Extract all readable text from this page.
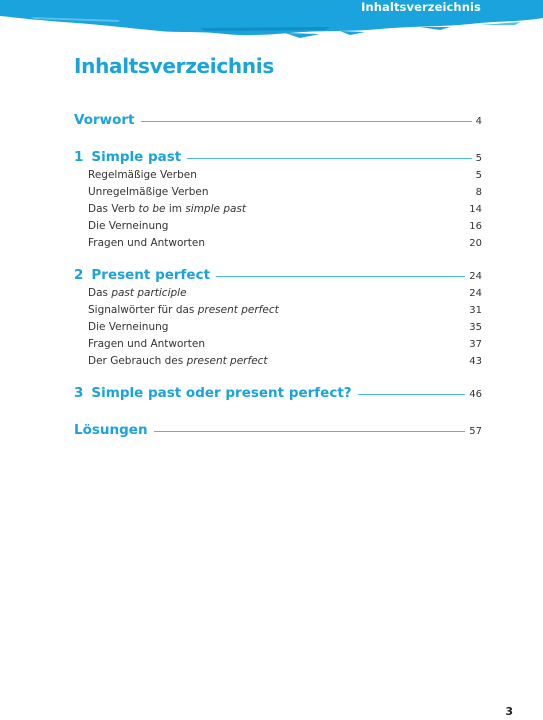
Inhaltsverzeichnis
Inhaltsverzeichnis
Vorwort	4
1 Simple past	5
Regelmäßige Verben	5
Unregelmäßige Verben	8
Das Verb to be im simple past	14
Die Verneinung	16
Fragen und Antworten	20
2 Present perfect	24
Das past participle	24
Signalwörter für das present perfect	31
Die Verneinung	35
Fragen und Antworten	37
Der Gebrauch des present perfect	43
3 Simple past oder present perfect?	46
Lösungen	57
3
